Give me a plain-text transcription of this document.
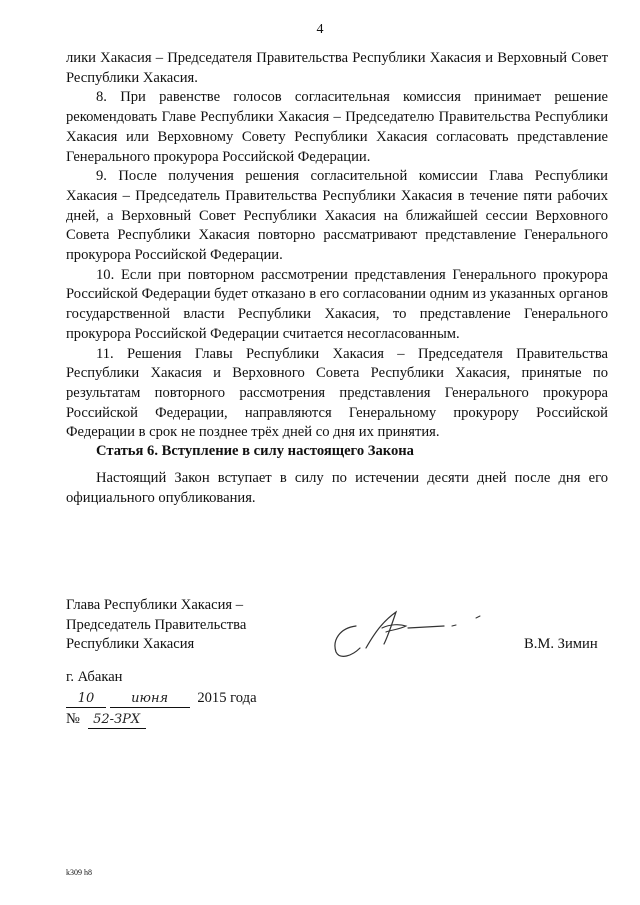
4

лики Хакасия – Председателя Правительства Республики Хакасия и Верховный Совет Республики Хакасия.

8. При равенстве голосов согласительная комиссия принимает решение рекомендовать Главе Республики Хакасия – Председателю Правительства Республики Хакасия или Верховному Совету Республики Хакасия согласовать представление Генерального прокурора Российской Федерации.

9. После получения решения согласительной комиссии Глава Республики Хакасия – Председатель Правительства Республики Хакасия в течение пяти рабочих дней, а Верховный Совет Республики Хакасия на ближайшей сессии Верховного Совета Республики Хакасия повторно рассматривают представление Генерального прокурора Российской Федерации.

10. Если при повторном рассмотрении представления Генерального прокурора Российской Федерации будет отказано в его согласовании одним из указанных органов государственной власти Республики Хакасия, то представление Генерального прокурора Российской Федерации считается несогласованным.

11. Решения Главы Республики Хакасия – Председателя Правительства Республики Хакасия и Верховного Совета Республики Хакасия, принятые по результатам повторного рассмотрения представления Генерального прокурора Российской Федерации, направляются Генеральному прокурору Российской Федерации в срок не позднее трёх дней со дня их принятия.

Статья 6. Вступление в силу настоящего Закона

Настоящий Закон вступает в силу по истечении десяти дней после дня его официального опубликования.

Глава Республики Хакасия –
Председатель Правительства
Республики Хакасия	В.М. Зимин
г. Абакан
10	июня 2015 года
№ 52-ЗРХ
k309 h8
